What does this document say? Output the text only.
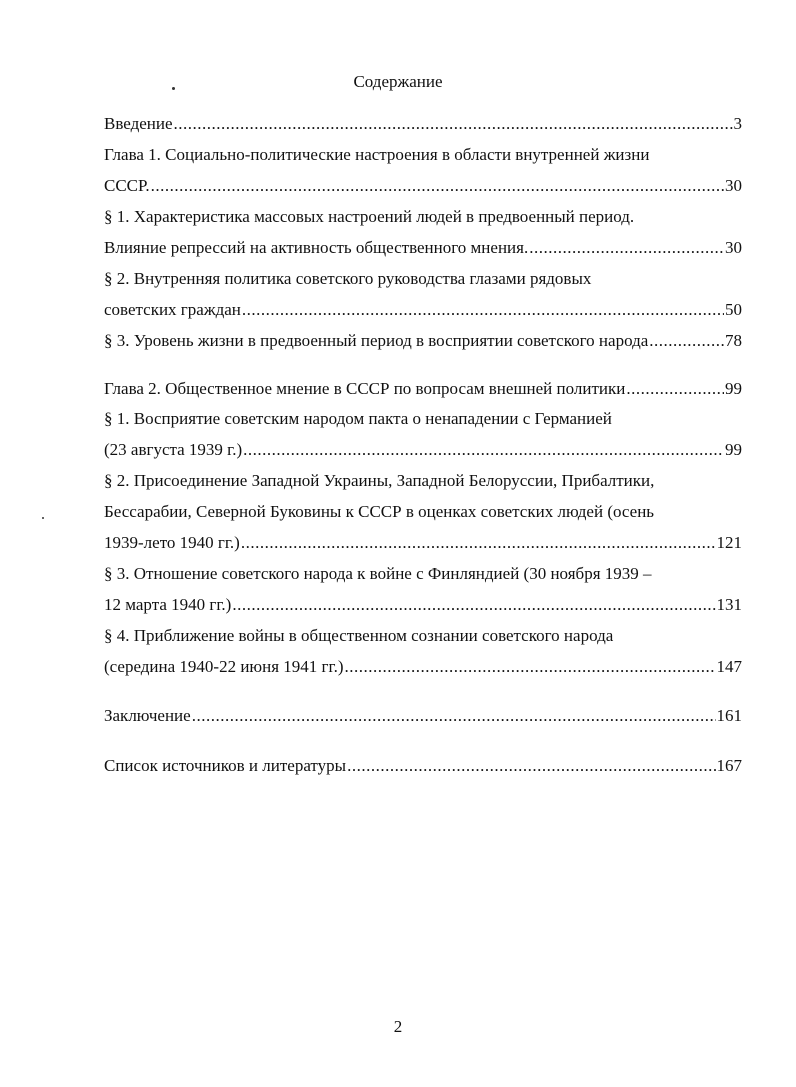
Содержание
Введение .....	3
Глава 1. Социально-политические настроения в области внутренней жизни
СССР. .....	30
§ 1. Характеристика массовых настроений людей в предвоенный период.
Влияние репрессий на активность общественного мнения. .....	30
§ 2. Внутренняя политика советского руководства глазами рядовых
советских граждан .....	50
§ 3. Уровень жизни в предвоенный период в восприятии советского народа .....	78
Глава 2. Общественное мнение в СССР по вопросам внешней политики .....	99
§ 1. Восприятие советским народом пакта о ненападении с Германией
(23 августа 1939 г.) .....	99
§ 2. Присоединение Западной Украины, Западной Белоруссии, Прибалтики,
Бессарабии, Северной Буковины к СССР в оценках советских людей (осень
1939-лето 1940 гг.) .....	121
§ 3. Отношение советского народа к войне с Финляндией (30 ноября 1939 –
12 марта 1940 гг.) .....	131
§ 4. Приближение войны в общественном сознании советского народа
(середина 1940-22 июня 1941 гг.) .....	147
Заключение .....	161
Список источников и литературы .....	167
2
